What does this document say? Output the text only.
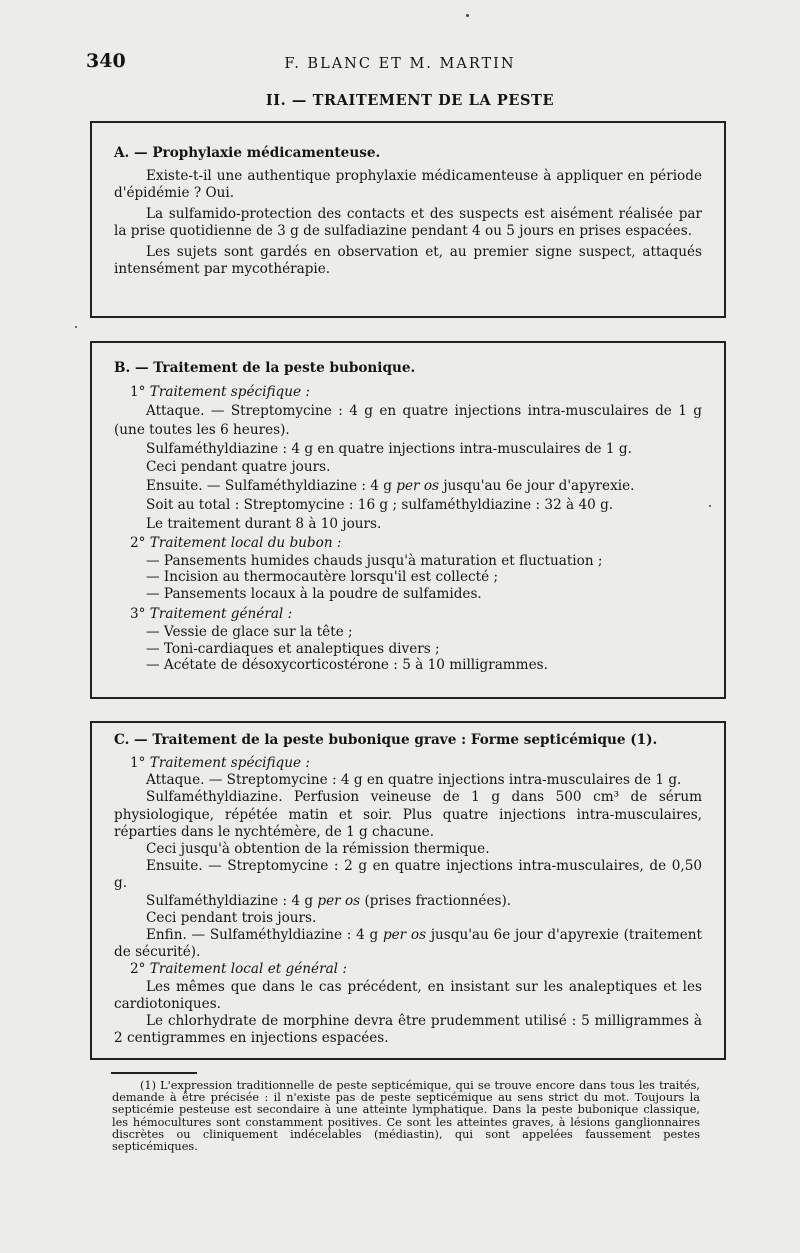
340	F. BLANC ET M. MARTIN
II. — TRAITEMENT DE LA PESTE
A. — Prophylaxie médicamenteuse.

Existe-t-il une authentique prophylaxie médicamenteuse à appliquer en période d'épidémie ? Oui.

La sulfamido-protection des contacts et des suspects est aisément réalisée par la prise quotidienne de 3 g de sulfadiazine pendant 4 ou 5 jours en prises espacées.

Les sujets sont gardés en observation et, au premier signe suspect, attaqués intensément par mycothérapie.

B. — Traitement de la peste bubonique.
1° Traitement spécifique :

Attaque. — Streptomycine : 4 g en quatre injections intra-musculaires de 1 g (une toutes les 6 heures).

Sulfaméthyldiazine : 4 g en quatre injections intra-musculaires de 1 g.

Ceci pendant quatre jours.

Ensuite. — Sulfaméthyldiazine : 4 g per os jusqu'au 6e jour d'apyrexie.

Soit au total : Streptomycine : 16 g ; sulfaméthyldiazine : 32 à 40 g.

Le traitement durant 8 à 10 jours.

2° Traitement local du bubon :
— Pansements humides chauds jusqu'à maturation et fluctuation ;
— Incision au thermocautère lorsqu'il est collecté ;
— Pansements locaux à la poudre de sulfamides.
3° Traitement général :
— Vessie de glace sur la tête ;
— Toni-cardiaques et analeptiques divers ;
— Acétate de désoxycorticostérone : 5 à 10 milligrammes.
C. — Traitement de la peste bubonique grave : Forme septicémique (1).
1° Traitement spécifique :

Attaque. — Streptomycine : 4 g en quatre injections intra-musculaires de 1 g.

Sulfaméthyldiazine. Perfusion veineuse de 1 g dans 500 cm³ de sérum physiologique, répétée matin et soir. Plus quatre injections intra-musculaires, réparties dans le nychtémère, de 1 g chacune.

Ceci jusqu'à obtention de la rémission thermique.

Ensuite. — Streptomycine : 2 g en quatre injections intra-musculaires, de 0,50 g.

Sulfaméthyldiazine : 4 g per os (prises fractionnées).

Ceci pendant trois jours.

Enfin. — Sulfaméthyldiazine : 4 g per os jusqu'au 6e jour d'apyrexie (traitement de sécurité).

2° Traitement local et général :

Les mêmes que dans le cas précédent, en insistant sur les analeptiques et les cardiotoniques.

Le chlorhydrate de morphine devra être prudemment utilisé : 5 milligrammes à 2 centigrammes en injections espacées.

(1) L'expression traditionnelle de peste septicémique, qui se trouve encore dans tous les traités, demande à être précisée : il n'existe pas de peste septicémique au sens strict du mot. Toujours la septicémie pesteuse est secondaire à une atteinte lymphatique. Dans la peste bubonique classique, les hémocultures sont constamment positives. Ce sont les atteintes graves, à lésions ganglionnaires discrètes ou cliniquement indécelables (médiastin), qui sont appelées faussement pestes septicémiques.
